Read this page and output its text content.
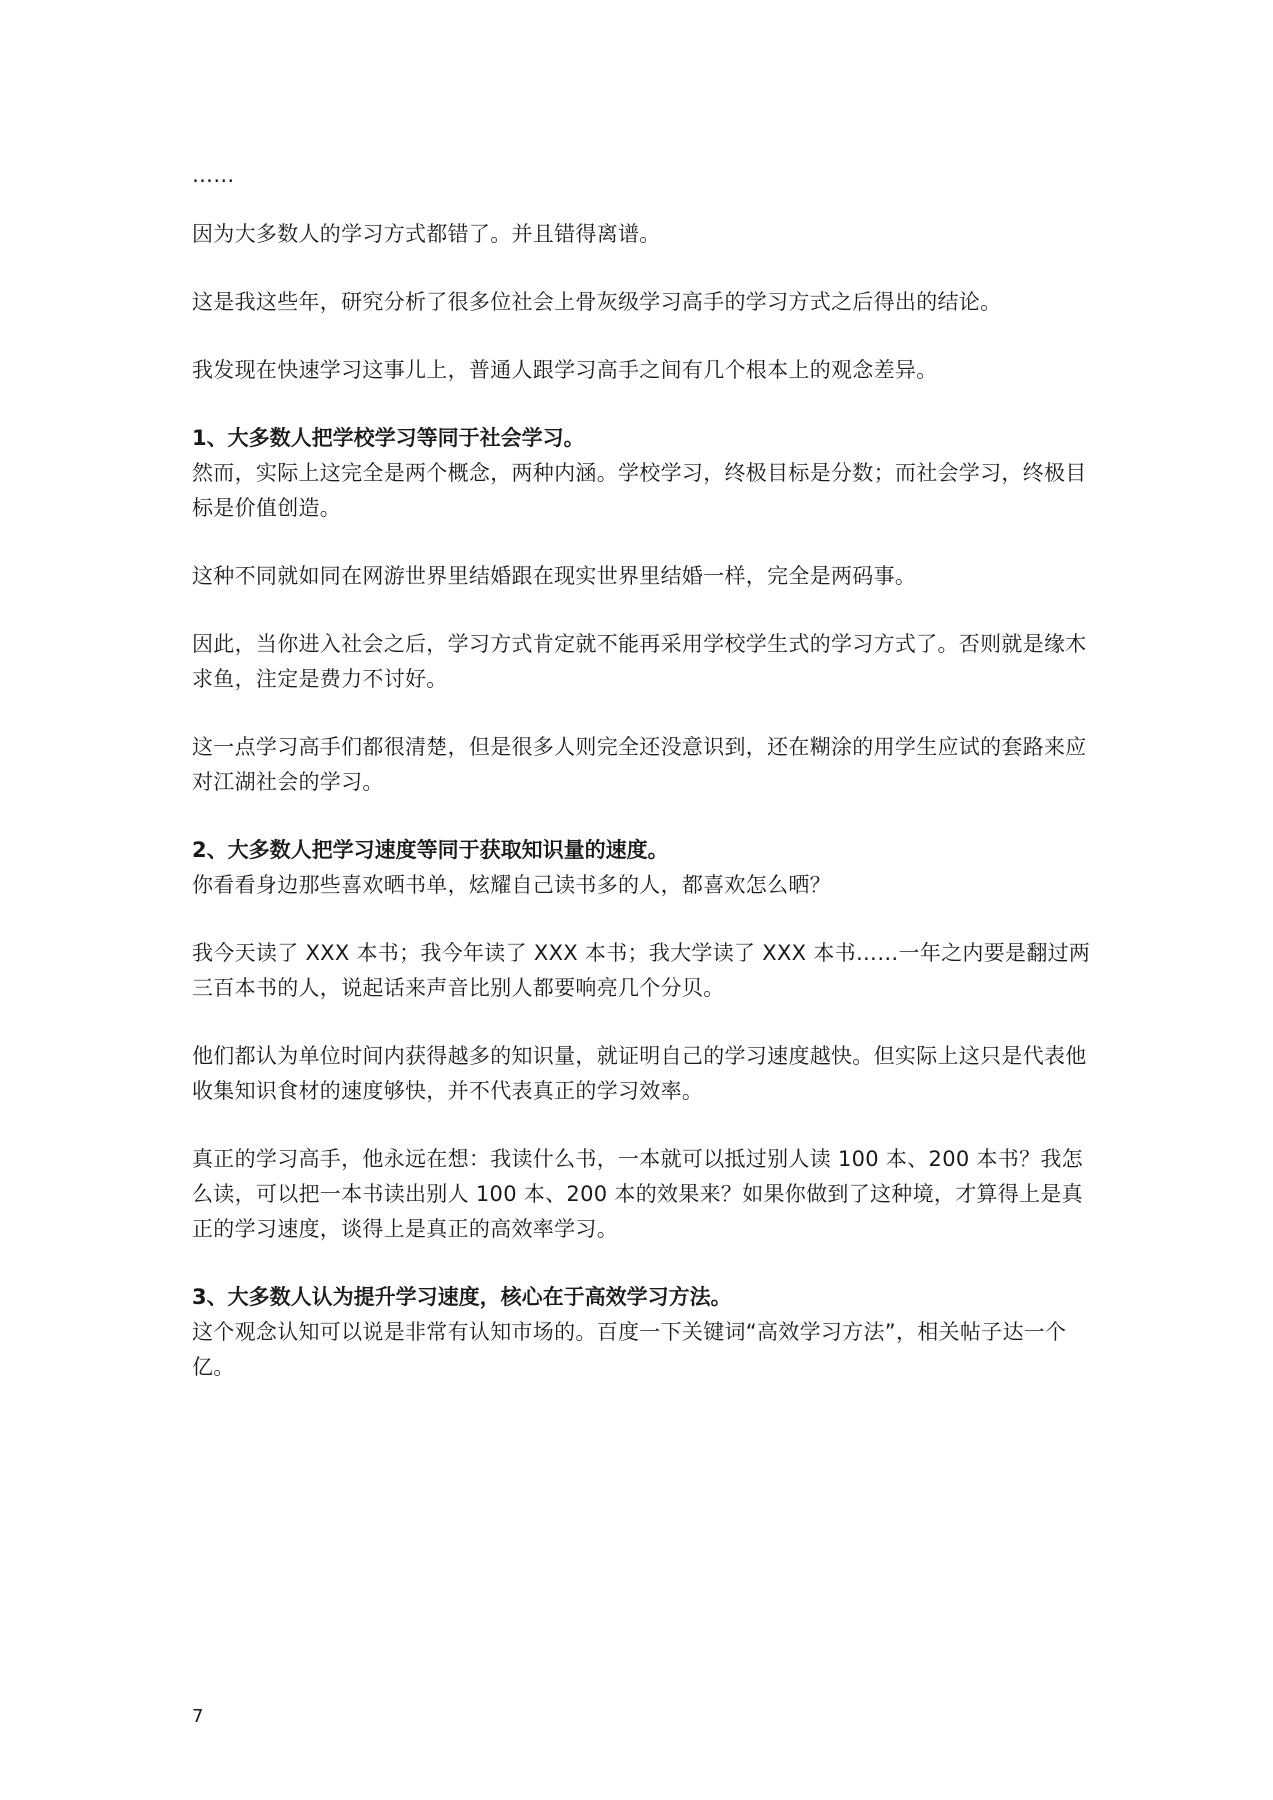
……

因为大多数人的学习方式都错了。并且错得离谱。

这是我这些年，研究分析了很多位社会上骨灰级学习高手的学习方式之后得出的结论。

我发现在快速学习这事儿上，普通人跟学习高手之间有几个根本上的观念差异。

1、大多数人把学校学习等同于社会学习。

然而，实际上这完全是两个概念，两种内涵。学校学习，终极目标是分数；而社会学习，终极目标是价值创造。

这种不同就如同在网游世界里结婚跟在现实世界里结婚一样，完全是两码事。

因此，当你进入社会之后，学习方式肯定就不能再采用学校学生式的学习方式了。否则就是缘木求鱼，注定是费力不讨好。

这一点学习高手们都很清楚，但是很多人则完全还没意识到，还在糊涂的用学生应试的套路来应对江湖社会的学习。

2、大多数人把学习速度等同于获取知识量的速度。

你看看身边那些喜欢晒书单，炫耀自己读书多的人，都喜欢怎么晒？

我今天读了 XXX 本书；我今年读了 XXX 本书；我大学读了 XXX 本书……一年之内要是翻过两三百本书的人，说起话来声音比别人都要响亮几个分贝。

他们都认为单位时间内获得越多的知识量，就证明自己的学习速度越快。但实际上这只是代表他收集知识食材的速度够快，并不代表真正的学习效率。

真正的学习高手，他永远在想：我读什么书，一本就可以抵过别人读 100 本、200 本书？我怎么读，可以把一本书读出别人 100 本、200 本的效果来？如果你做到了这种境，才算得上是真正的学习速度，谈得上是真正的高效率学习。

3、大多数人认为提升学习速度，核心在于高效学习方法。

这个观念认知可以说是非常有认知市场的。百度一下关键词“高效学习方法”，相关帖子达一个亿。

7
